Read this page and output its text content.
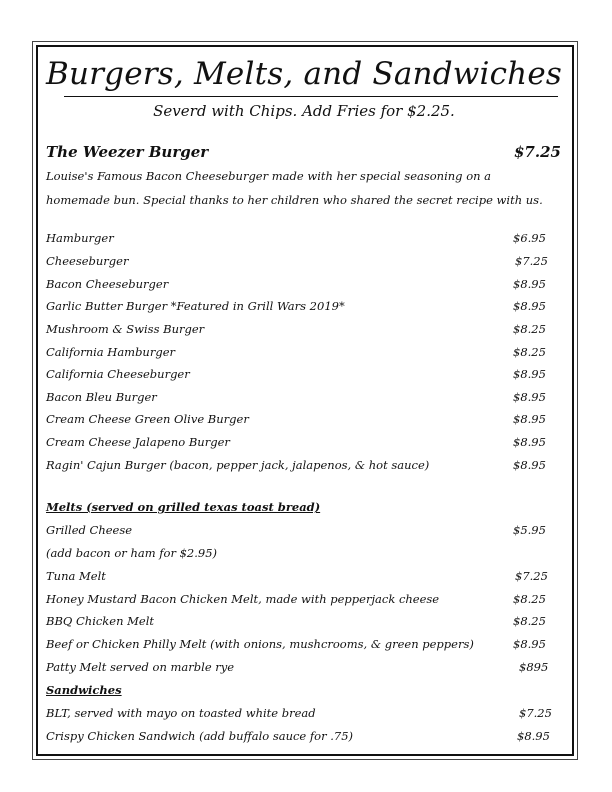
Burgers, Melts, and Sandwiches
Severd with Chips. Add Fries for $2.25.
The Weezer Burger	$7.25
Louise's Famous Bacon Cheeseburger made with her special seasoning on a
homemade bun. Special thanks to her children who shared the secret recipe with us.
Hamburger	$6.95
Cheeseburger	$7.25
Bacon Cheeseburger	$8.95
Garlic Butter Burger *Featured in Grill Wars 2019*	$8.95
Mushroom & Swiss Burger	$8.25
California Hamburger	$8.25
California Cheeseburger	$8.95
Bacon Bleu Burger	$8.95
Cream Cheese Green Olive Burger	$8.95
Cream Cheese Jalapeno Burger	$8.95
Ragin' Cajun Burger (bacon, pepper jack, jalapenos, & hot sauce)	$8.95
Melts (served on grilled texas toast bread)
Grilled Cheese	$5.95
(add bacon or ham for $2.95)
Tuna Melt	$7.25
Honey Mustard Bacon Chicken Melt, made with pepperjack cheese	$8.25
BBQ Chicken Melt	$8.25
Beef or Chicken Philly Melt (with onions, mushcrooms, & green peppers)	$8.95
Patty Melt served on marble rye	$895
Sandwiches
BLT, served with mayo on toasted white bread	$7.25
Crispy Chicken Sandwich (add buffalo sauce for .75)	$8.95
